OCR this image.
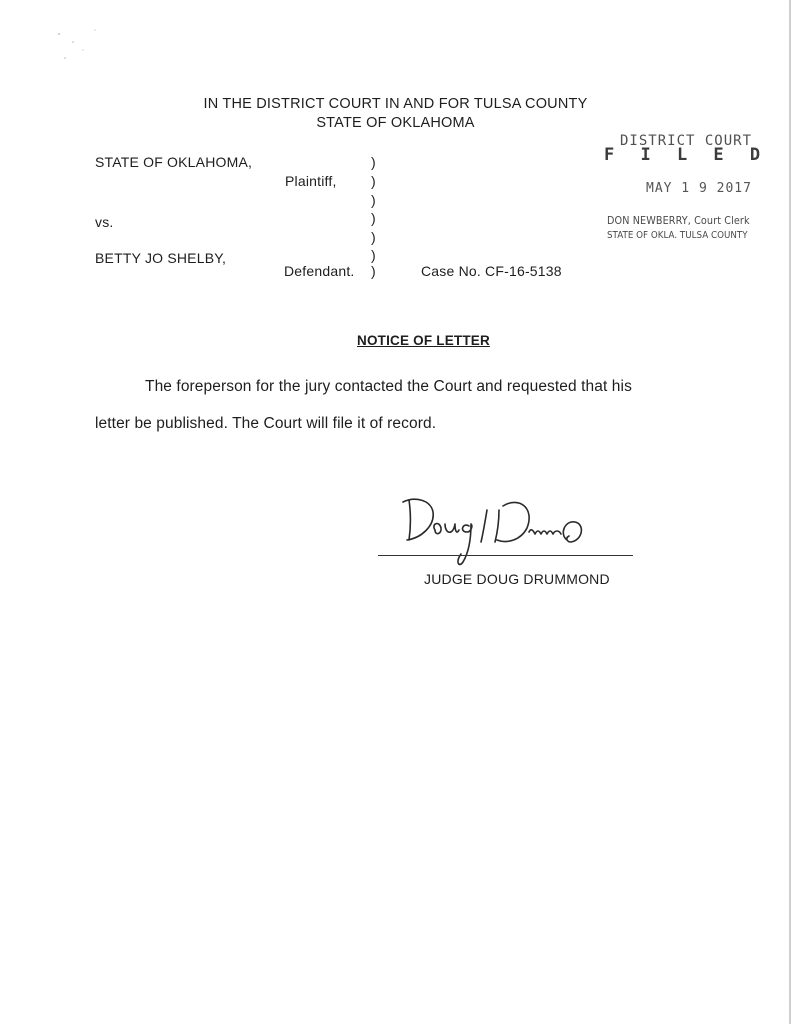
IN THE DISTRICT COURT IN AND FOR TULSA COUNTY
STATE OF OKLAHOMA
STATE OF OKLAHOMA,
Plaintiff,
vs.
BETTY JO SHELBY,
Defendant.
)
)
)
)
)
)
)	Case No. CF-16-5138
DISTRICT COURT
F I L E D
MAY 1 9 2017
DON NEWBERRY, Court Clerk
STATE OF OKLA. TULSA COUNTY
NOTICE OF LETTER
The foreperson for the jury contacted the Court and requested that his
letter be published. The Court will file it of record.
JUDGE DOUG DRUMMOND
